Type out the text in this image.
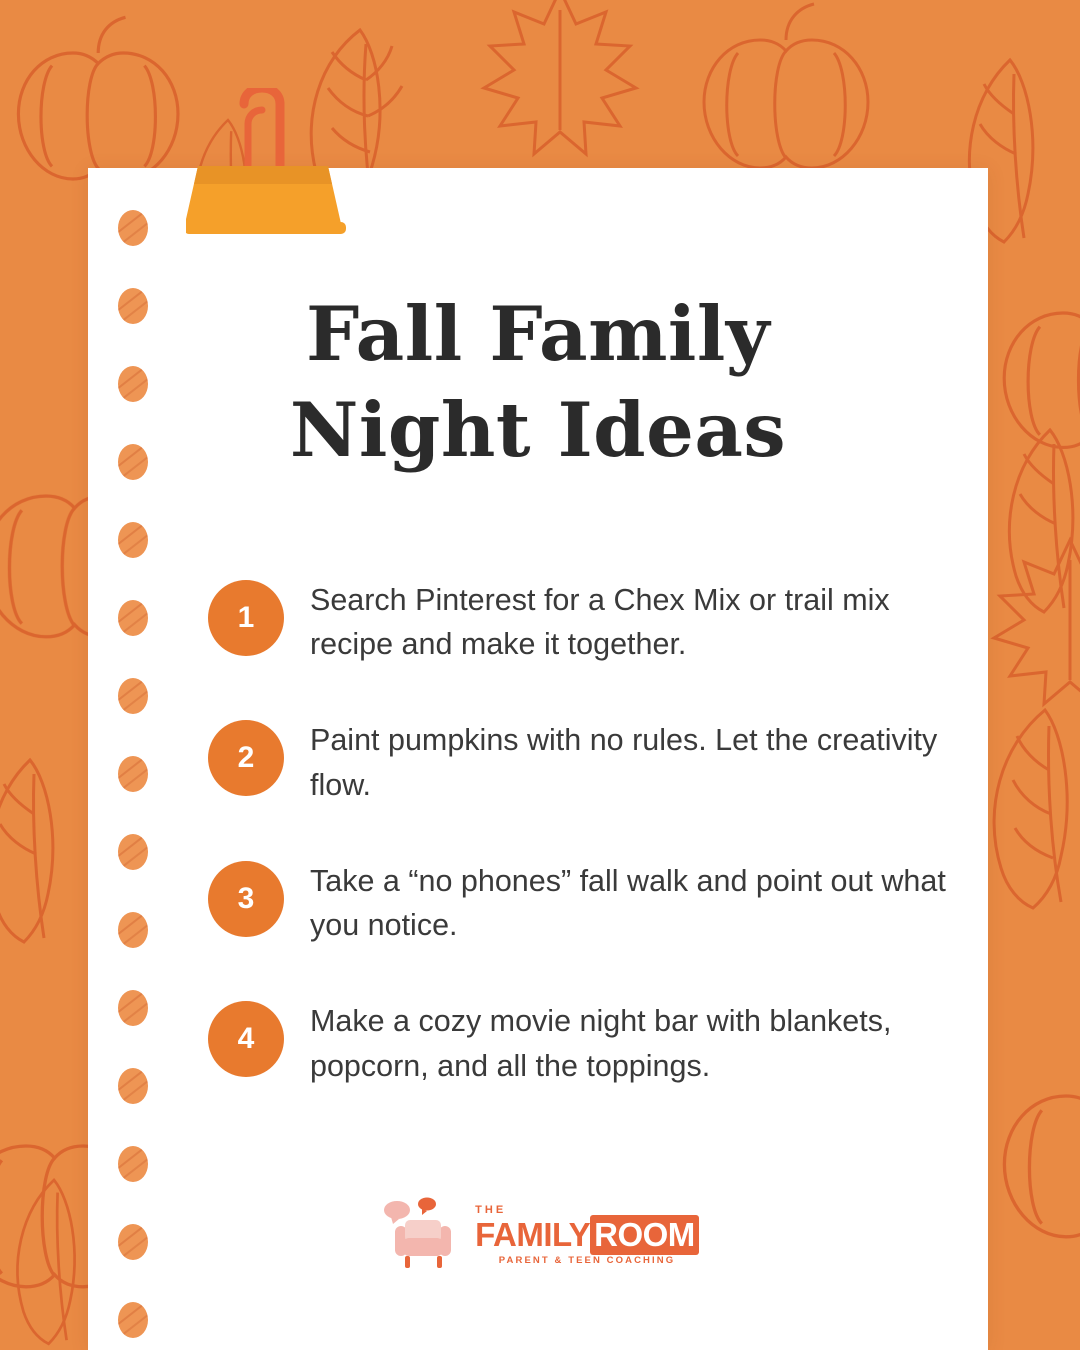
Fall Family
Night Ideas
1
Search Pinterest for a Chex Mix or trail mix recipe and make it together.
2
Paint pumpkins with no rules. Let the creativity flow.
3
Take a “no phones” fall walk and point out what you notice.
4
Make a cozy movie night bar with blankets, popcorn, and all the toppings.
THE
FAMILY ROOM
PARENT & TEEN COACHING
